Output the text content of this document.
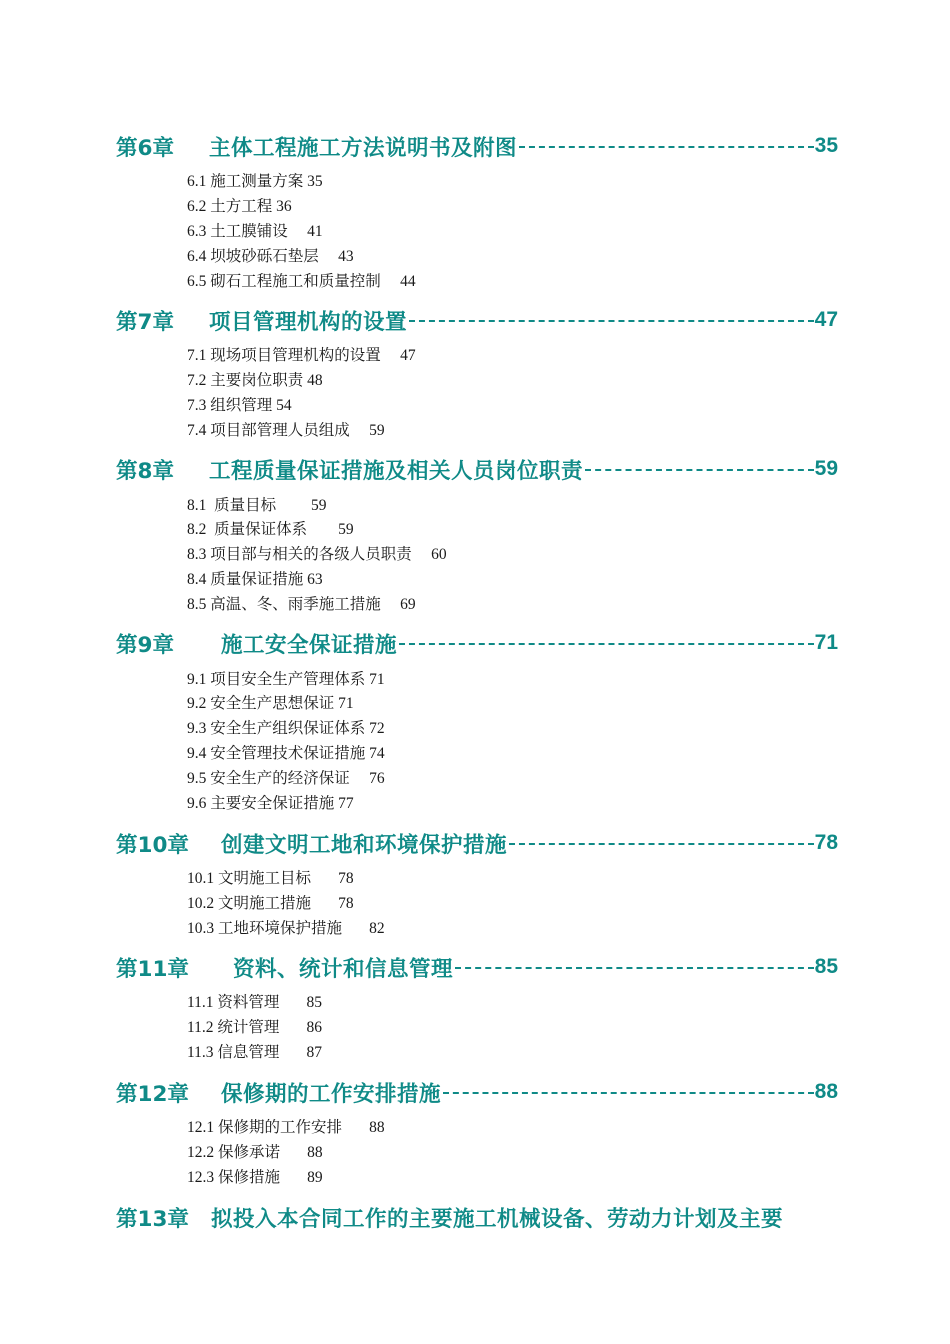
第6章	主体工程施工方法说明书及附图	35
6.1 施工测量方案 35
6.2 土方工程 36
6.3 土工膜铺设     41
6.4 坝坡砂砾石垫层     43
6.5 砌石工程施工和质量控制     44
第7章	项目管理机构的设置	47
7.1 现场项目管理机构的设置     47
7.2 主要岗位职责 48
7.3 组织管理 54
7.4 项目部管理人员组成     59
第8章	工程质量保证措施及相关人员岗位职责	59
8.1  质量目标         59
8.2  质量保证体系        59
8.3 项目部与相关的各级人员职责     60
8.4 质量保证措施 63
8.5 高温、冬、雨季施工措施     69
第9章	施工安全保证措施	71
9.1 项目安全生产管理体系 71
9.2 安全生产思想保证 71
9.3 安全生产组织保证体系 72
9.4 安全管理技术保证措施 74
9.5 安全生产的经济保证     76
9.6 主要安全保证措施 77
第10章	创建文明工地和环境保护措施	78
10.1 文明施工目标       78
10.2 文明施工措施       78
10.3 工地环境保护措施       82
第11章	资料、统计和信息管理	85
11.1 资料管理       85
11.2 统计管理       86
11.3 信息管理       87
第12章	保修期的工作安排措施	88
12.1 保修期的工作安排       88
12.2 保修承诺       88
12.3 保修措施       89
第13章	拟投入本合同工作的主要施工机械设备、劳动力计划及主要
